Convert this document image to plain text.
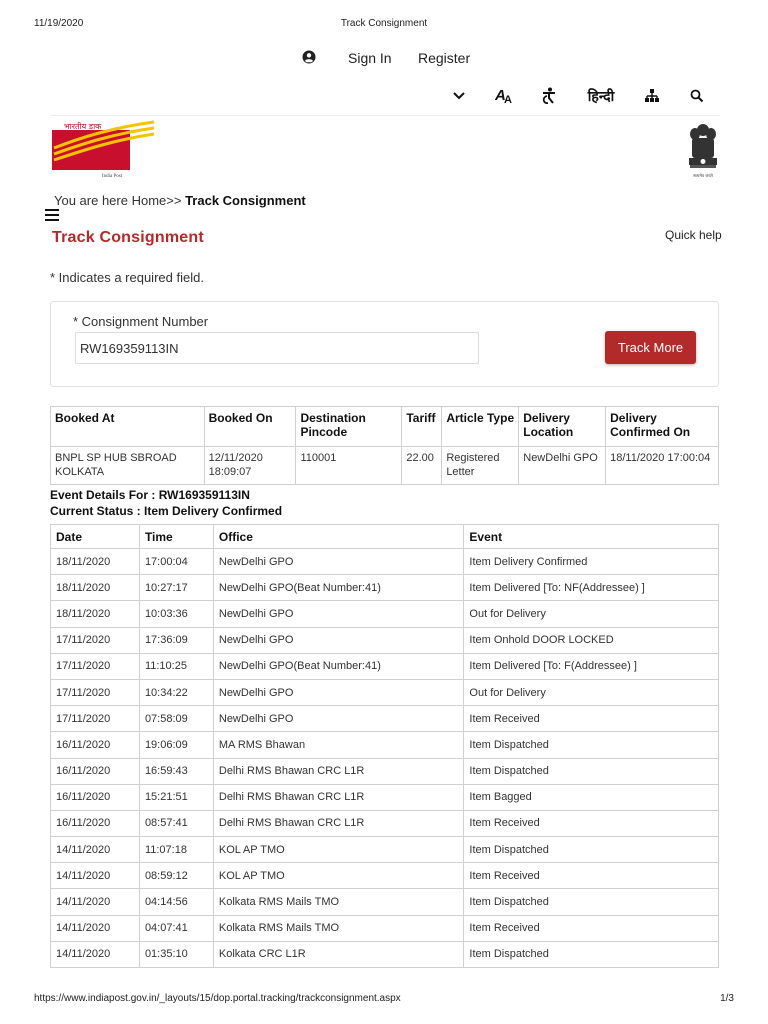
11/19/2020	Track Consignment
Sign In Register
A
A	हिन्दी
भारतीय डाक
India Post	सत्यमेव जयते
You are here Home>> Track Consignment
Track Consignment	Quick help
* Indicates a required field.
* Consignment Number
RW169359113IN
Track More
Booked At	Booked On	Destination Pincode	Tariff	Article Type	Delivery Location	Delivery Confirmed On
BNPL SP HUB SBROAD KOLKATA	12/11/2020 18:09:07	110001	22.00	Registered Letter	NewDelhi GPO	18/11/2020 17:00:04
Event Details For : RW169359113IN
Current Status : Item Delivery Confirmed
Date	Time	Office	Event
18/11/2020	17:00:04	NewDelhi GPO	Item Delivery Confirmed
18/11/2020	10:27:17	NewDelhi GPO(Beat Number:41)	Item Delivered [To: NF(Addressee) ]
18/11/2020	10:03:36	NewDelhi GPO	Out for Delivery
17/11/2020	17:36:09	NewDelhi GPO	Item Onhold DOOR LOCKED
17/11/2020	11:10:25	NewDelhi GPO(Beat Number:41)	Item Delivered [To: F(Addressee) ]
17/11/2020	10:34:22	NewDelhi GPO	Out for Delivery
17/11/2020	07:58:09	NewDelhi GPO	Item Received
16/11/2020	19:06:09	MA RMS Bhawan	Item Dispatched
16/11/2020	16:59:43	Delhi RMS Bhawan CRC L1R	Item Dispatched
16/11/2020	15:21:51	Delhi RMS Bhawan CRC L1R	Item Bagged
16/11/2020	08:57:41	Delhi RMS Bhawan CRC L1R	Item Received
14/11/2020	11:07:18	KOL AP TMO	Item Dispatched
14/11/2020	08:59:12	KOL AP TMO	Item Received
14/11/2020	04:14:56	Kolkata RMS Mails TMO	Item Dispatched
14/11/2020	04:07:41	Kolkata RMS Mails TMO	Item Received
14/11/2020	01:35:10	Kolkata CRC L1R	Item Dispatched
https://www.indiapost.gov.in/_layouts/15/dop.portal.tracking/trackconsignment.aspx	1/3
